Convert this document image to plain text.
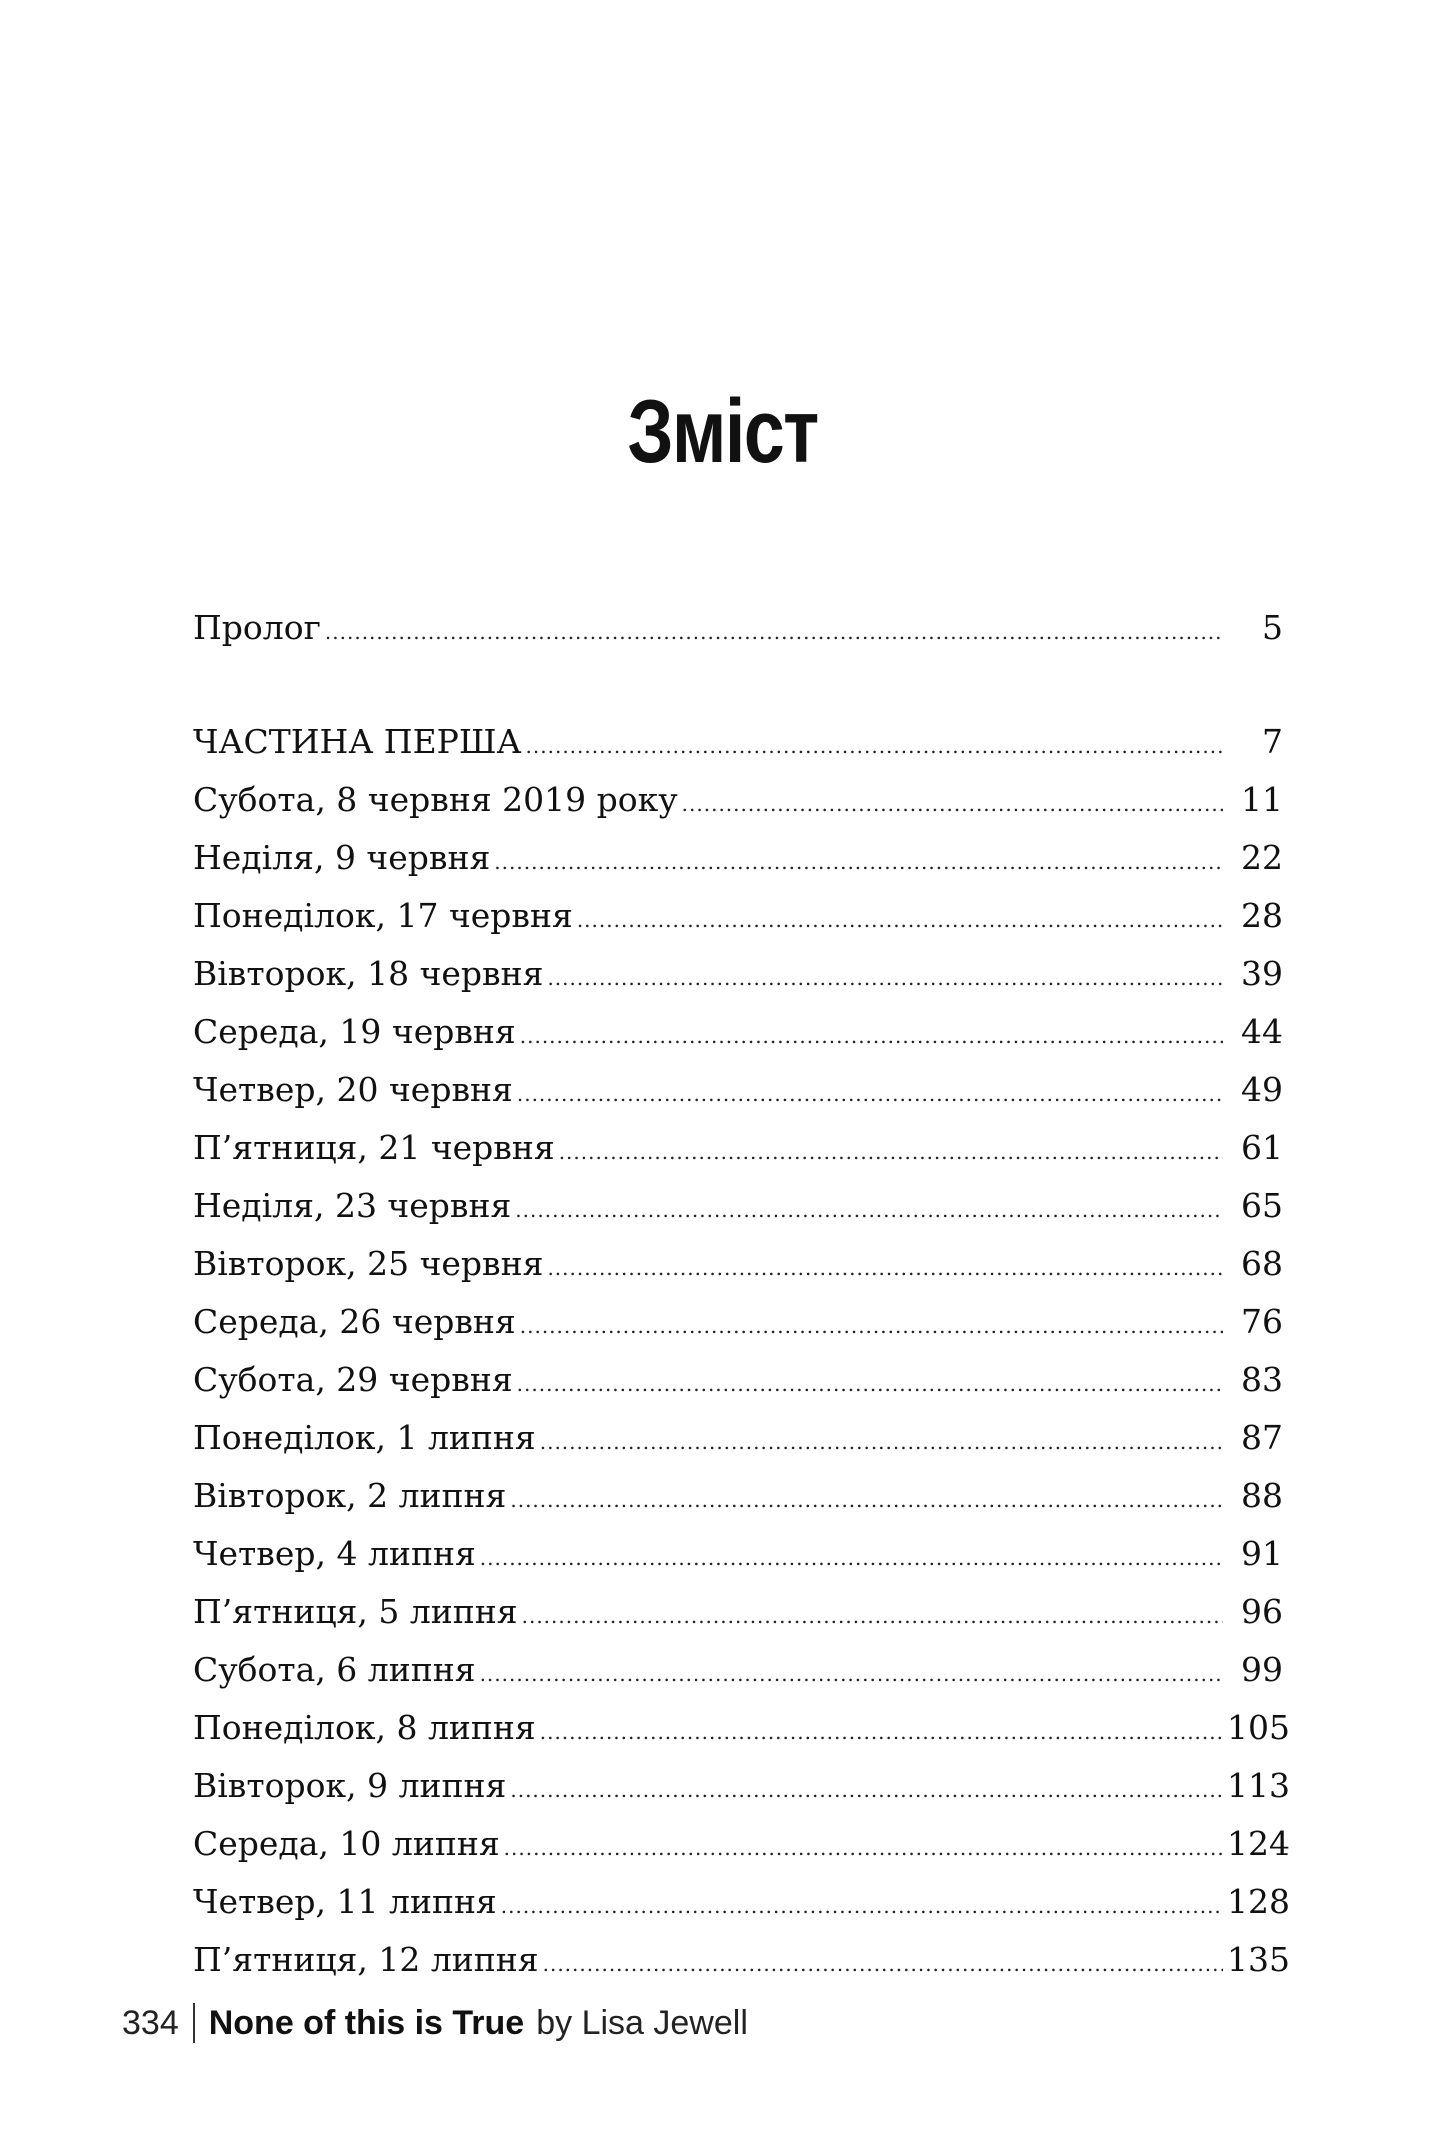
Зміст
Пролог .....	5
ЧАСТИНА ПЕРША .....	7
Субота, 8 червня 2019 року .....	11
Неділя, 9 червня .....	22
Понеділок, 17 червня .....	28
Вівторок, 18 червня .....	39
Середа, 19 червня .....	44
Четвер, 20 червня .....	49
П’ятниця, 21 червня .....	61
Неділя, 23 червня .....	65
Вівторок, 25 червня .....	68
Середа, 26 червня .....	76
Субота, 29 червня .....	83
Понеділок, 1 липня .....	87
Вівторок, 2 липня .....	88
Четвер, 4 липня .....	91
П’ятниця, 5 липня .....	96
Субота, 6 липня .....	99
Понеділок, 8 липня .....	105
Вівторок, 9 липня .....	113
Середа, 10 липня .....	124
Четвер, 11 липня .....	128
П’ятниця, 12 липня .....	135
334 None of this is True by Lisa Jewell
